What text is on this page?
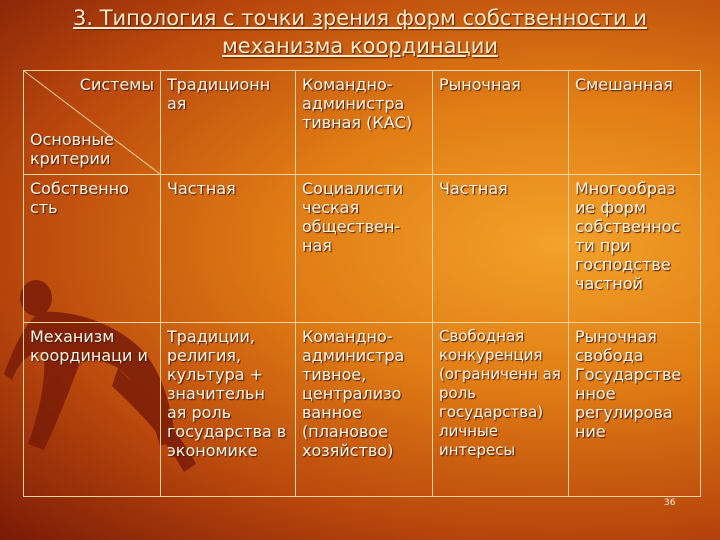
3. Типология с точки зрения форм собственности и
механизма координации
Системы
Основные критерии	Традиционн ая	Командно-администра тивная (КАС)	Рыночная	Смешанная
Собственно сть	Частная	Социалисти ческая обществен-ная	Частная	Многообраз ие форм собственнос ти при господстве частной
Механизм координаци и	Традиции, религия, культура + значительн ая роль государства в экономике	Командно-администра тивное, централизо ванное (плановое хозяйство)	Свободная конкуренция (ограниченн ая роль государства) личные интересы	Рыночная свобода Государстве нное регулирова ние
36
